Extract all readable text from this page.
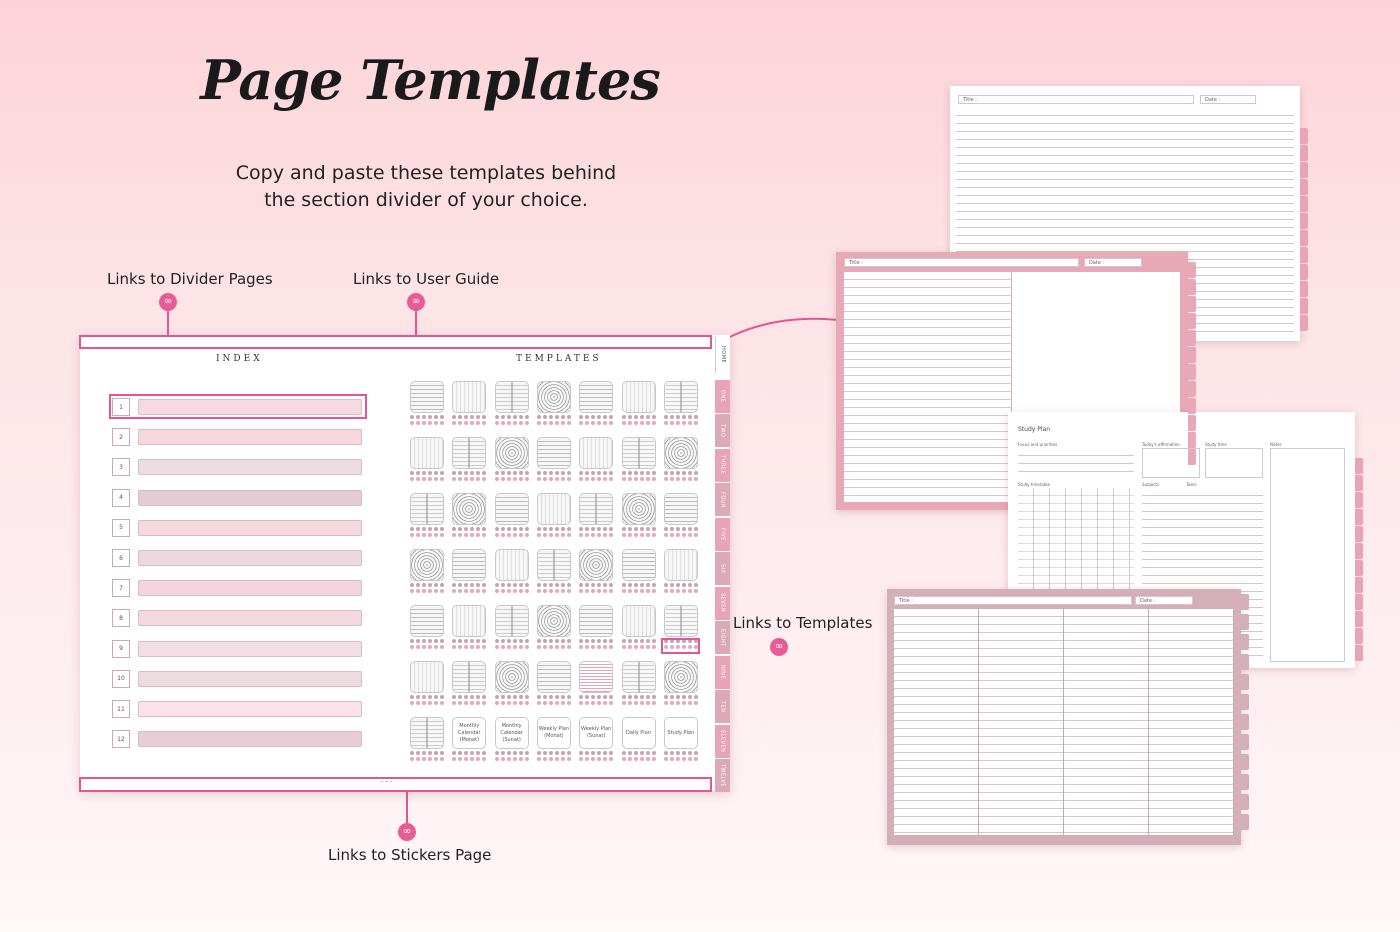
Page Templates
Copy and paste these templates behind
the section divider of your choice.
Links to Divider Pages
∞
Links to User Guide
∞
Links to Templates
∞
Links to Stickers Page
∞
INDEX	TEMPLATES
1
2
3
4
5
6
7
8
9
10
11
12
Monthly Calendar (Monat)
Monthly Calendar (Sunat)
Weekly Plan (Monat)
Weekly Plan (Sunat)
Daily Plan	Study Plan
HOME
ONE
TWO
THREE
FOUR
FIVE
SIX
SEVEN
EIGHT
NINE
TEN
ELEVEN
TWELVE
~ ~ ~
Title :	Date :
Title :	Date :
Study Plan
Focus and priorities	Today's affirmation	Study time	Notes
Study timetable	Subjects	Tasks
Title :	Date :
